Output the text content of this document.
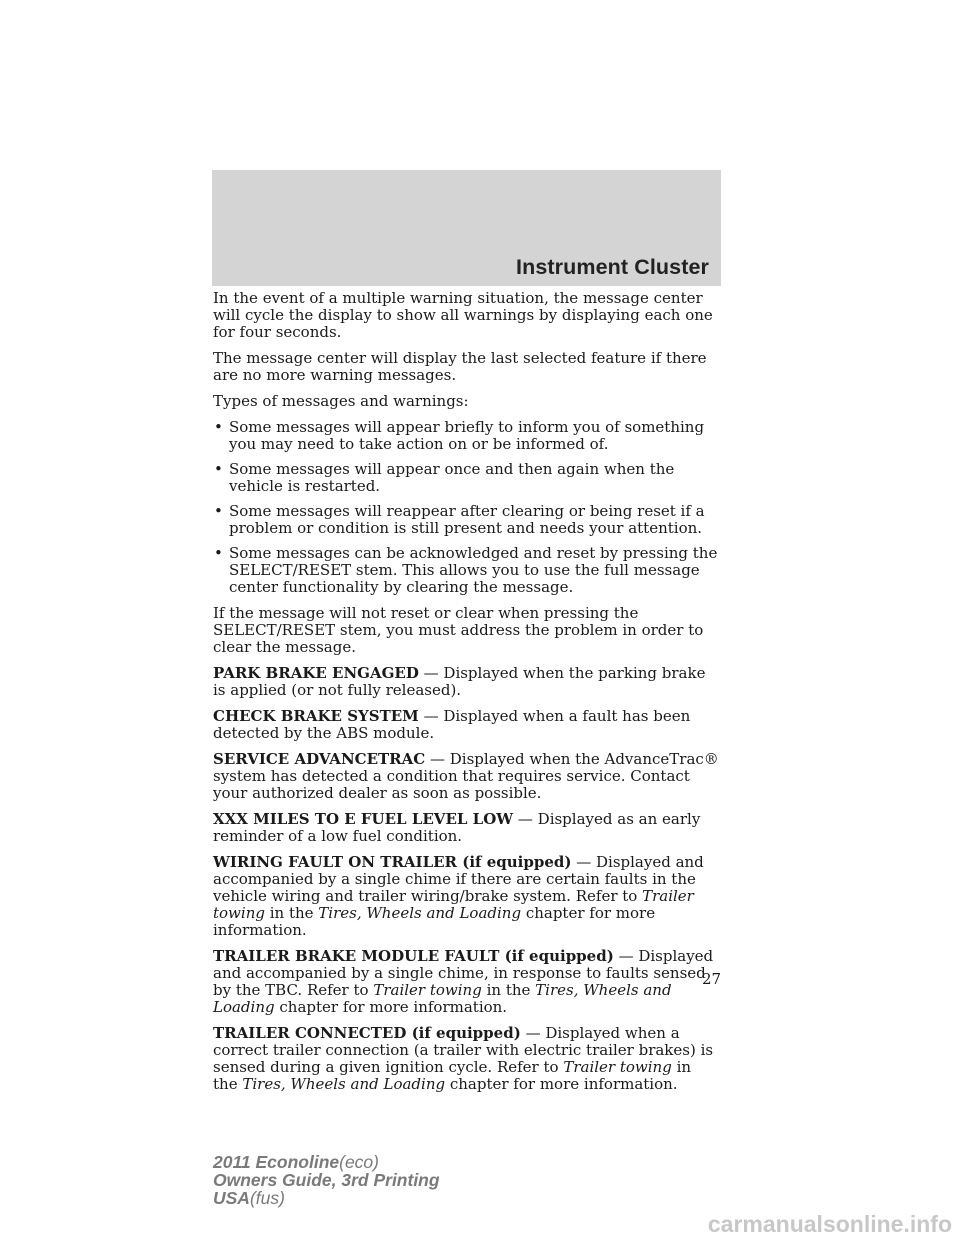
Instrument Cluster

In the event of a multiple warning situation, the message center will cycle the display to show all warnings by displaying each one for four seconds.

The message center will display the last selected feature if there are no more warning messages.

Types of messages and warnings:

• Some messages will appear briefly to inform you of something you may need to take action on or be informed of.
• Some messages will appear once and then again when the vehicle is restarted.
• Some messages will reappear after clearing or being reset if a problem or condition is still present and needs your attention.
• Some messages can be acknowledged and reset by pressing the SELECT/RESET stem. This allows you to use the full message center functionality by clearing the message.

If the message will not reset or clear when pressing the SELECT/RESET stem, you must address the problem in order to clear the message.

PARK BRAKE ENGAGED — Displayed when the parking brake is applied (or not fully released).

CHECK BRAKE SYSTEM — Displayed when a fault has been detected by the ABS module.

SERVICE ADVANCETRAC — Displayed when the AdvanceTrac® system has detected a condition that requires service. Contact your authorized dealer as soon as possible.

XXX MILES TO E FUEL LEVEL LOW — Displayed as an early reminder of a low fuel condition.

WIRING FAULT ON TRAILER (if equipped) — Displayed and accompanied by a single chime if there are certain faults in the vehicle wiring and trailer wiring/brake system. Refer to Trailer towing in the Tires, Wheels and Loading chapter for more information.

TRAILER BRAKE MODULE FAULT (if equipped) — Displayed and accompanied by a single chime, in response to faults sensed by the TBC. Refer to Trailer towing in the Tires, Wheels and Loading chapter for more information.

TRAILER CONNECTED (if equipped) — Displayed when a correct trailer connection (a trailer with electric trailer brakes) is sensed during a given ignition cycle. Refer to Trailer towing in the Tires, Wheels and Loading chapter for more information.

27
2011 Econoline(eco)
Owners Guide, 3rd Printing
USA(fus)
carmanualsonline.info
